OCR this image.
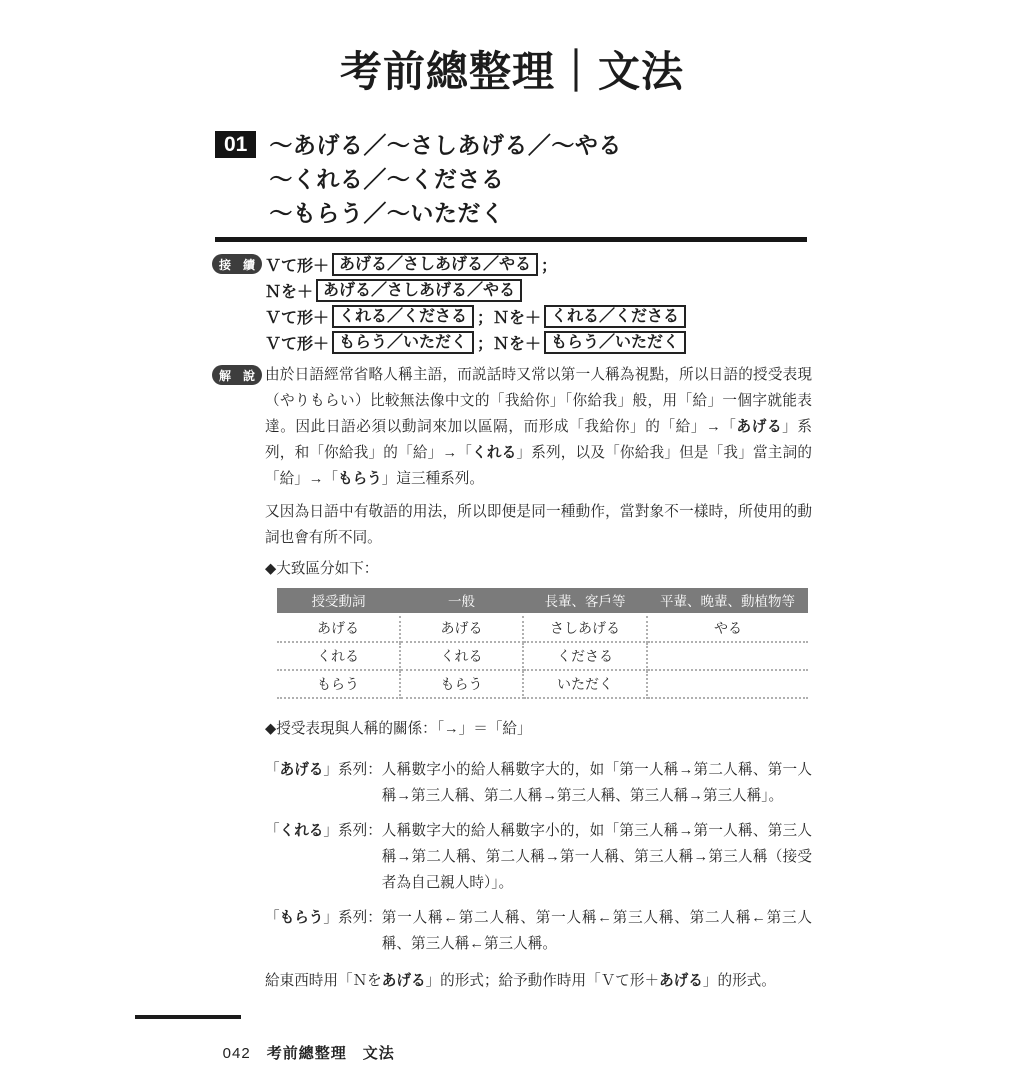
考前總整理｜文法
01 ～あげる／～さしあげる／～やる
～くれる／～くださる
～もらう／～いただく
接　續 Ｖて形＋ あげる／さしあげる／やる ；
Ｎを＋ あげる／さしあげる／やる
Ｖて形＋ くれる／くださる ；Ｎを＋ くれる／くださる
Ｖて形＋ もらう／いただく ；Ｎを＋ もらう／いただく
解　說 由於日語經常省略人稱主語，而説話時又常以第一人稱為視點，所以日語的授受表現（やりもらい）比較無法像中文的「我給你」「你給我」般，用「給」一個字就能表達。因此日語必須以動詞來加以區隔，而形成「我給你」的「給」→「あげる」系列，和「你給我」的「給」→「くれる」系列，以及「你給我」但是「我」當主詞的「給」→「もらう」這三種系列。

又因為日語中有敬語的用法，所以即便是同一種動作，當對象不一樣時，所使用的動詞也會有所不同。

◆大致區分如下：

授受動詞	一般	長輩、客戶等	平輩、晚輩、動植物等
あげる	あげる	さしあげる	やる
くれる	くれる	くださる	
もらう	もらう	いただく	

◆授受表現與人稱的關係：「→」＝「給」

「あげる」系列： 人稱數字小的給人稱數字大的，如「第一人稱→第二人稱、第一人稱→第三人稱、第二人稱→第三人稱、第三人稱→第三人稱」。
「くれる」系列： 人稱數字大的給人稱數字小的，如「第三人稱→第一人稱、第三人稱→第二人稱、第二人稱→第一人稱、第三人稱→第三人稱（接受者為自己親人時）」。
「もらう」系列： 第一人稱←第二人稱、第一人稱←第三人稱、第二人稱←第三人稱、第三人稱←第三人稱。

給東西時用「Ｎをあげる」的形式；給予動作時用「Ｖて形＋あげる」的形式。

042 考前總整理　文法
